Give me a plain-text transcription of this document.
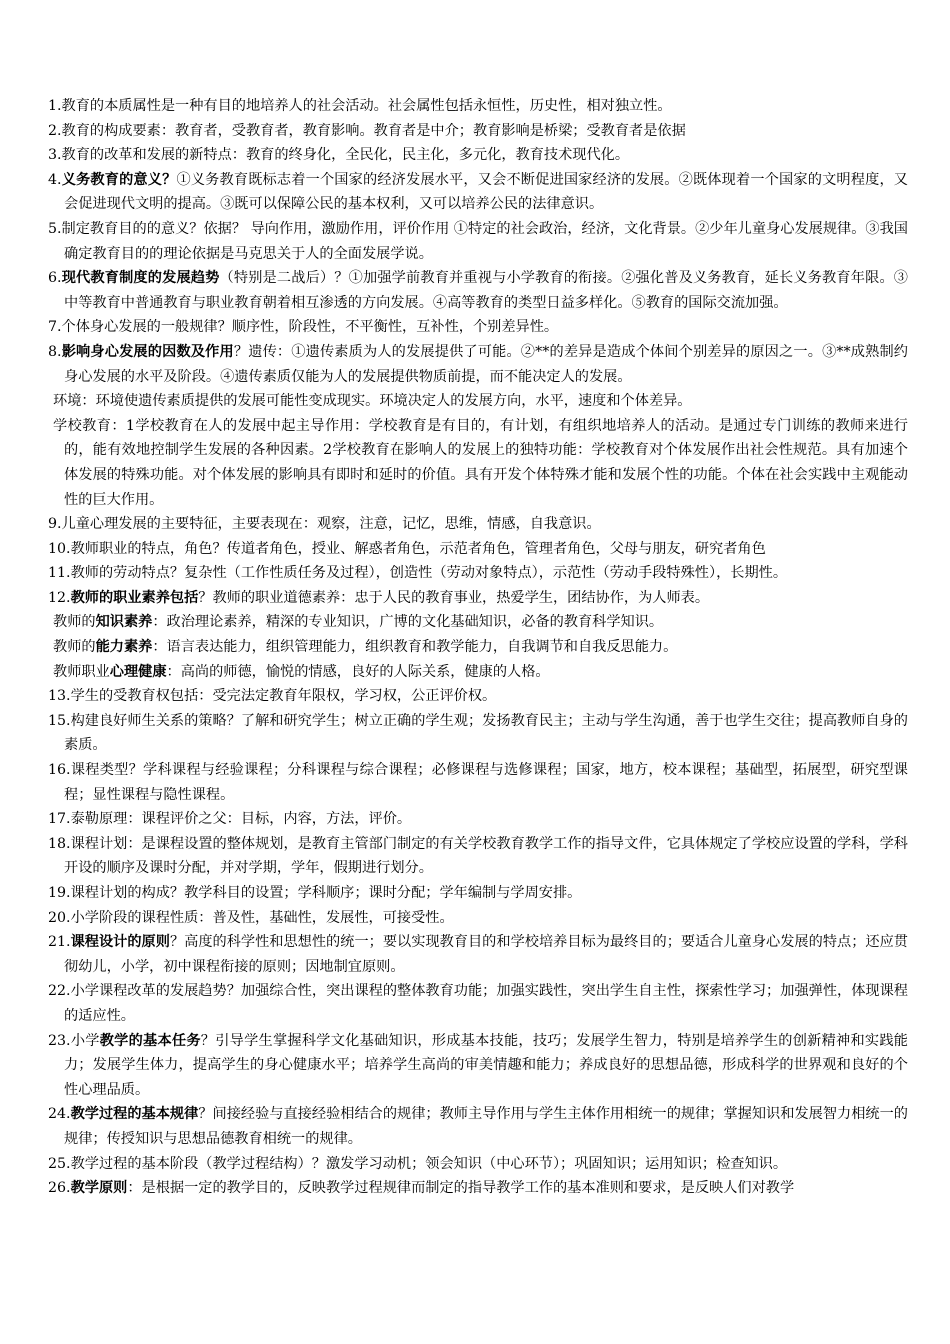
1.教育的本质属性是一种有目的地培养人的社会活动。社会属性包括永恒性，历史性，相对独立性。

2.教育的构成要素：教育者，受教育者，教育影响。教育者是中介；教育影响是桥梁；受教育者是依据

3.教育的改革和发展的新特点：教育的终身化，全民化，民主化，多元化，教育技术现代化。

4.义务教育的意义？①义务教育既标志着一个国家的经济发展水平，又会不断促进国家经济的发展。②既体现着一个国家的文明程度，又会促进现代文明的提高。③既可以保障公民的基本权利，又可以培养公民的法律意识。

5.制定教育目的的意义？依据？ 导向作用，激励作用，评价作用 ①特定的社会政治，经济，文化背景。②少年儿童身心发展规律。③我国确定教育目的的理论依据是马克思关于人的全面发展学说。

6.现代教育制度的发展趋势（特别是二战后）？①加强学前教育并重视与小学教育的衔接。②强化普及义务教育，延长义务教育年限。③中等教育中普通教育与职业教育朝着相互渗透的方向发展。④高等教育的类型日益多样化。⑤教育的国际交流加强。

7.个体身心发展的一般规律？顺序性，阶段性，不平衡性，互补性，个别差异性。

8.影响身心发展的因数及作用？遗传：①遗传素质为人的发展提供了可能。②**的差异是造成个体间个别差异的原因之一。③**成熟制约身心发展的水平及阶段。④遗传素质仅能为人的发展提供物质前提，而不能决定人的发展。

环境：环境使遗传素质提供的发展可能性变成现实。环境决定人的发展方向，水平，速度和个体差异。

学校教育：1学校教育在人的发展中起主导作用：学校教育是有目的，有计划，有组织地培养人的活动。是通过专门训练的教师来进行的，能有效地控制学生发展的各种因素。2学校教育在影响人的发展上的独特功能：学校教育对个体发展作出社会性规范。具有加速个体发展的特殊功能。对个体发展的影响具有即时和延时的价值。具有开发个体特殊才能和发展个性的功能。个体在社会实践中主观能动性的巨大作用。

9.儿童心理发展的主要特征，主要表现在：观察，注意，记忆，思维，情感，自我意识。

10.教师职业的特点，角色？传道者角色，授业、解惑者角色，示范者角色，管理者角色，父母与朋友，研究者角色

11.教师的劳动特点？复杂性（工作性质任务及过程），创造性（劳动对象特点），示范性（劳动手段特殊性），长期性。

12.教师的职业素养包括？教师的职业道德素养：忠于人民的教育事业，热爱学生，团结协作，为人师表。

教师的知识素养：政治理论素养，精深的专业知识，广博的文化基础知识，必备的教育科学知识。

教师的能力素养：语言表达能力，组织管理能力，组织教育和教学能力，自我调节和自我反思能力。

教师职业心理健康：高尚的师德，愉悦的情感，良好的人际关系，健康的人格。

13.学生的受教育权包括：受完法定教育年限权，学习权，公正评价权。

15.构建良好师生关系的策略？了解和研究学生；树立正确的学生观；发扬教育民主；主动与学生沟通，善于也学生交往；提高教师自身的素质。

16.课程类型？学科课程与经验课程；分科课程与综合课程；必修课程与选修课程；国家，地方，校本课程；基础型，拓展型，研究型课程；显性课程与隐性课程。

17.泰勒原理：课程评价之父：目标，内容，方法，评价。

18.课程计划：是课程设置的整体规划，是教育主管部门制定的有关学校教育教学工作的指导文件，它具体规定了学校应设置的学科，学科开设的顺序及课时分配，并对学期，学年，假期进行划分。

19.课程计划的构成？教学科目的设置；学科顺序；课时分配；学年编制与学周安排。

20.小学阶段的课程性质：普及性，基础性，发展性，可接受性。

21.课程设计的原则？高度的科学性和思想性的统一；要以实现教育目的和学校培养目标为最终目的；要适合儿童身心发展的特点；还应贯彻幼儿，小学，初中课程衔接的原则；因地制宜原则。

22.小学课程改革的发展趋势？加强综合性，突出课程的整体教育功能；加强实践性，突出学生自主性，探索性学习；加强弹性，体现课程的适应性。

23.小学教学的基本任务？引导学生掌握科学文化基础知识，形成基本技能，技巧；发展学生智力，特别是培养学生的创新精神和实践能力；发展学生体力，提高学生的身心健康水平；培养学生高尚的审美情趣和能力；养成良好的思想品德，形成科学的世界观和良好的个性心理品质。

24.教学过程的基本规律？间接经验与直接经验相结合的规律；教师主导作用与学生主体作用相统一的规律；掌握知识和发展智力相统一的规律；传授知识与思想品德教育相统一的规律。

25.教学过程的基本阶段（教学过程结构）？激发学习动机；领会知识（中心环节）；巩固知识；运用知识；检查知识。

26.教学原则：是根据一定的教学目的，反映教学过程规律而制定的指导教学工作的基本准则和要求，是反映人们对教学
